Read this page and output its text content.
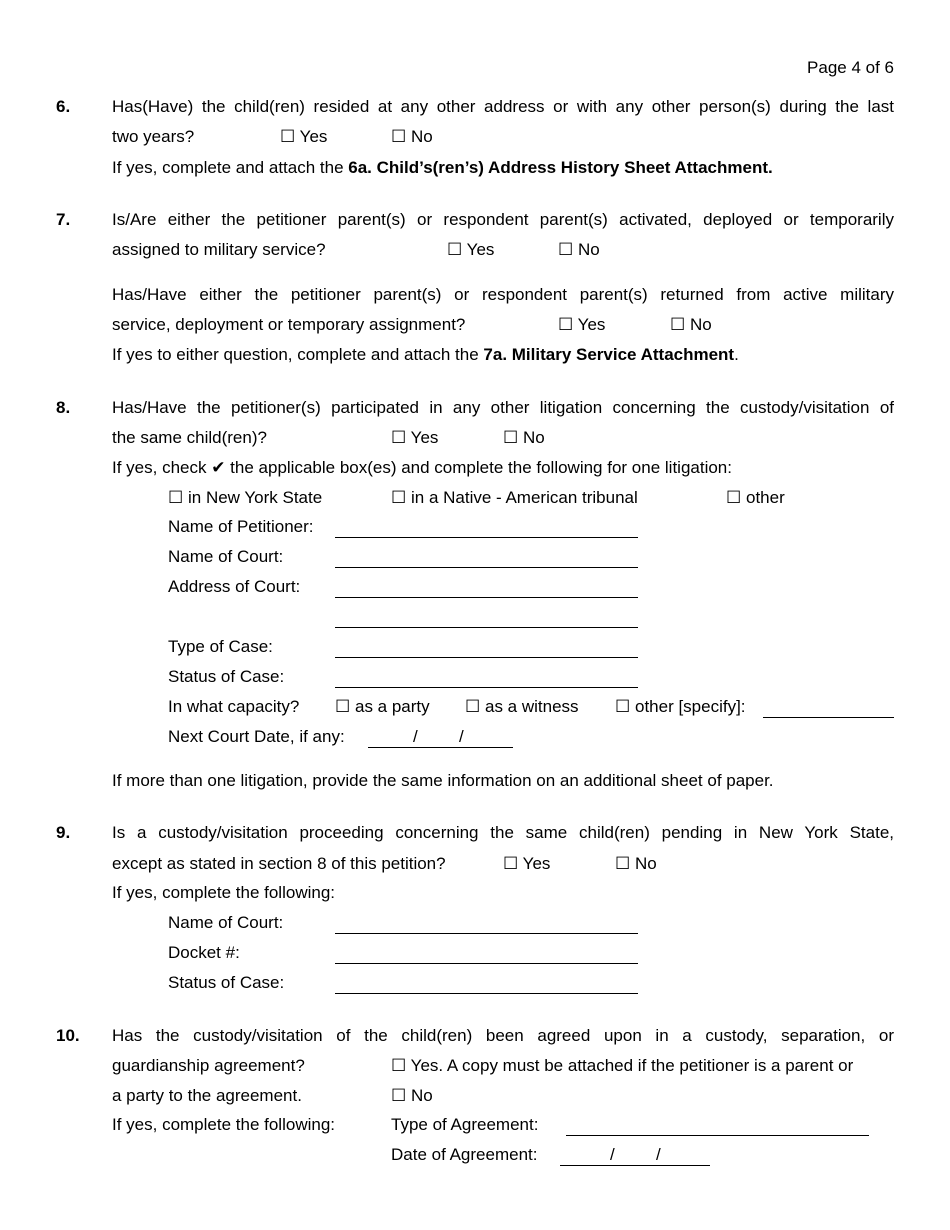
Page 4 of 6
6. Has(Have) the child(ren) resided at any other address or with any other person(s) during the last
two years?	☐ Yes	☐ No
If yes, complete and attach the 6a. Child’s(ren’s) Address History Sheet Attachment.
7. Is/Are either the petitioner parent(s) or respondent parent(s) activated, deployed or temporarily
assigned to military service?	☐ Yes	☐ No
Has/Have either the petitioner parent(s) or respondent parent(s) returned from active military
service, deployment or temporary assignment?	☐ Yes	☐ No
If yes to either question, complete and attach the 7a. Military Service Attachment.
8. Has/Have the petitioner(s) participated in any other litigation concerning the custody/visitation of
the same child(ren)?	☐ Yes	☐ No
If yes, check ✔ the applicable box(es) and complete the following for one litigation:
☐ in New York State	☐ in a Native - American tribunal	☐ other
Name of Petitioner:
Name of Court:
Address of Court:
Type of Case:
Status of Case:
In what capacity? ☐ as a party ☐ as a witness ☐ other [specify]:
Next Court Date, if any:	/ /
If more than one litigation, provide the same information on an additional sheet of paper.
9. Is a custody/visitation proceeding concerning the same child(ren) pending in New York State,
except as stated in section 8 of this petition?	☐ Yes	☐ No
If yes, complete the following:
Name of Court:
Docket #:
Status of Case:
10. Has the custody/visitation of the child(ren) been agreed upon in a custody, separation, or
guardianship agreement?	☐ Yes. A copy must be attached if the petitioner is a parent or
a party to the agreement.	☐ No
If yes, complete the following:	Type of Agreement:
Date of Agreement:	/ /
